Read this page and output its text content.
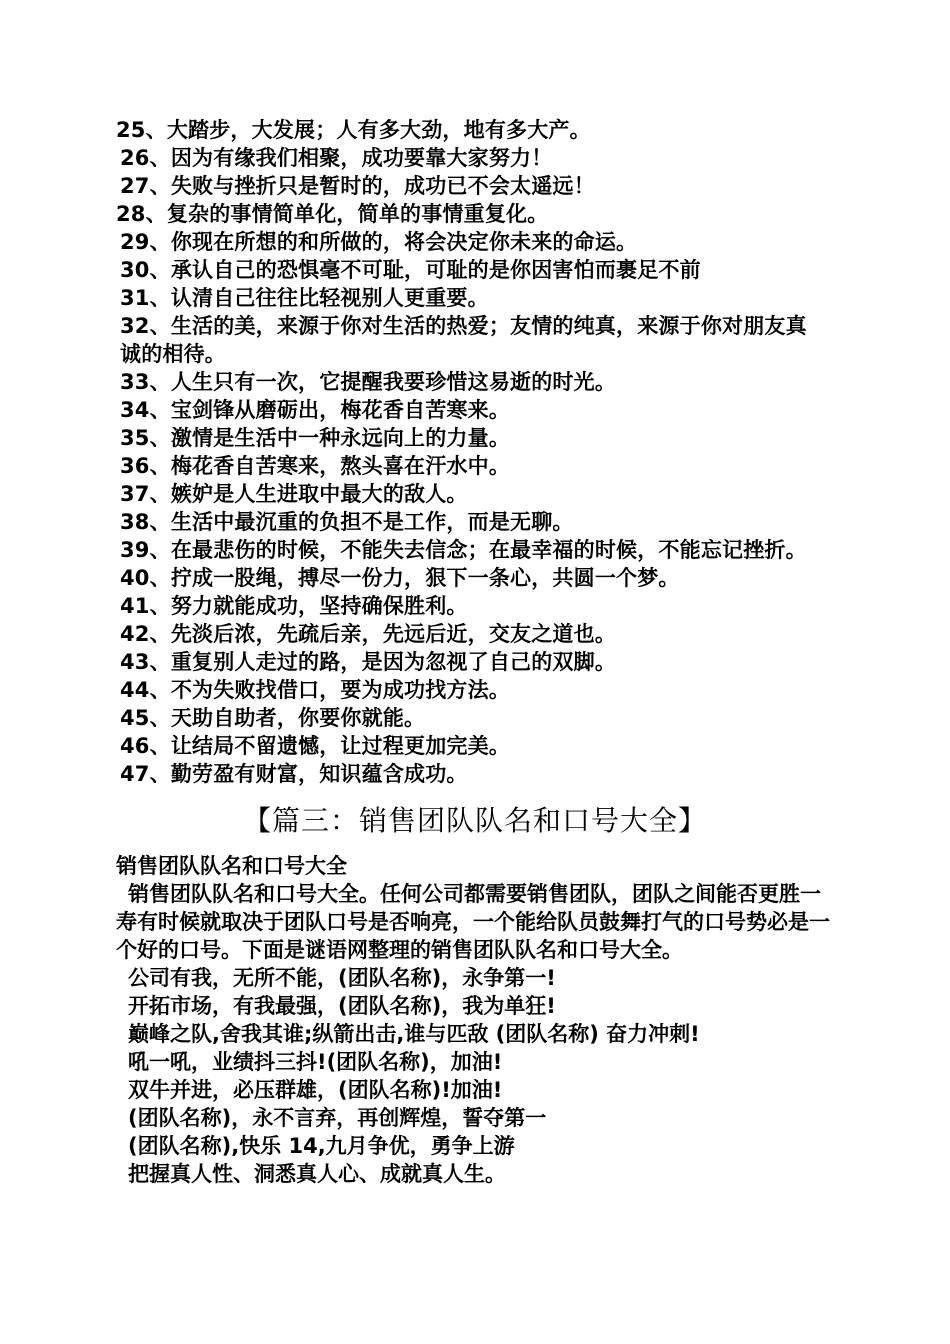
25、大踏步，大发展；人有多大劲，地有多大产。
26、因为有缘我们相聚，成功要靠大家努力！
27、失败与挫折只是暂时的，成功已不会太遥远！
28、复杂的事情简单化，简单的事情重复化。
29、你现在所想的和所做的，将会决定你未来的命运。
30、承认自己的恐惧毫不可耻，可耻的是你因害怕而裹足不前
31、认清自己往往比轻视别人更重要。
32、生活的美，来源于你对生活的热爱；友情的纯真，来源于你对朋友真诚的相待。
33、人生只有一次，它提醒我要珍惜这易逝的时光。
34、宝剑锋从磨砺出，梅花香自苦寒来。
35、激情是生活中一种永远向上的力量。
36、梅花香自苦寒来，熬头喜在汗水中。
37、嫉妒是人生进取中最大的敌人。
38、生活中最沉重的负担不是工作，而是无聊。
39、在最悲伤的时候，不能失去信念；在最幸福的时候，不能忘记挫折。
40、拧成一股绳，搏尽一份力，狠下一条心，共圆一个梦。
41、努力就能成功，坚持确保胜利。
42、先淡后浓，先疏后亲，先远后近，交友之道也。
43、重复别人走过的路，是因为忽视了自己的双脚。
44、不为失败找借口，要为成功找方法。
45、天助自助者，你要你就能。
46、让结局不留遗憾，让过程更加完美。
47、勤劳盈有财富，知识蕴含成功。
【篇三：销售团队队名和口号大全】
销售团队队名和口号大全

销售团队队名和口号大全。任何公司都需要销售团队，团队之间能否更胜一寿有时候就取决于团队口号是否响亮，一个能给队员鼓舞打气的口号势必是一个好的口号。下面是谜语网整理的销售团队队名和口号大全。

公司有我，无所不能，(团队名称)，永争第一!
开拓市场，有我最强，(团队名称)，我为单狂!
巅峰之队,舍我其谁;纵箭出击,谁与匹敌 (团队名称) 奋力冲刺!
吼一吼，业绩抖三抖!(团队名称)，加油!
双牛并进，必压群雄，(团队名称)!加油!
(团队名称)，永不言弃，再创辉煌，誓夺第一
(团队名称),快乐 14,九月争优，勇争上游
把握真人性、洞悉真人心、成就真人生。
